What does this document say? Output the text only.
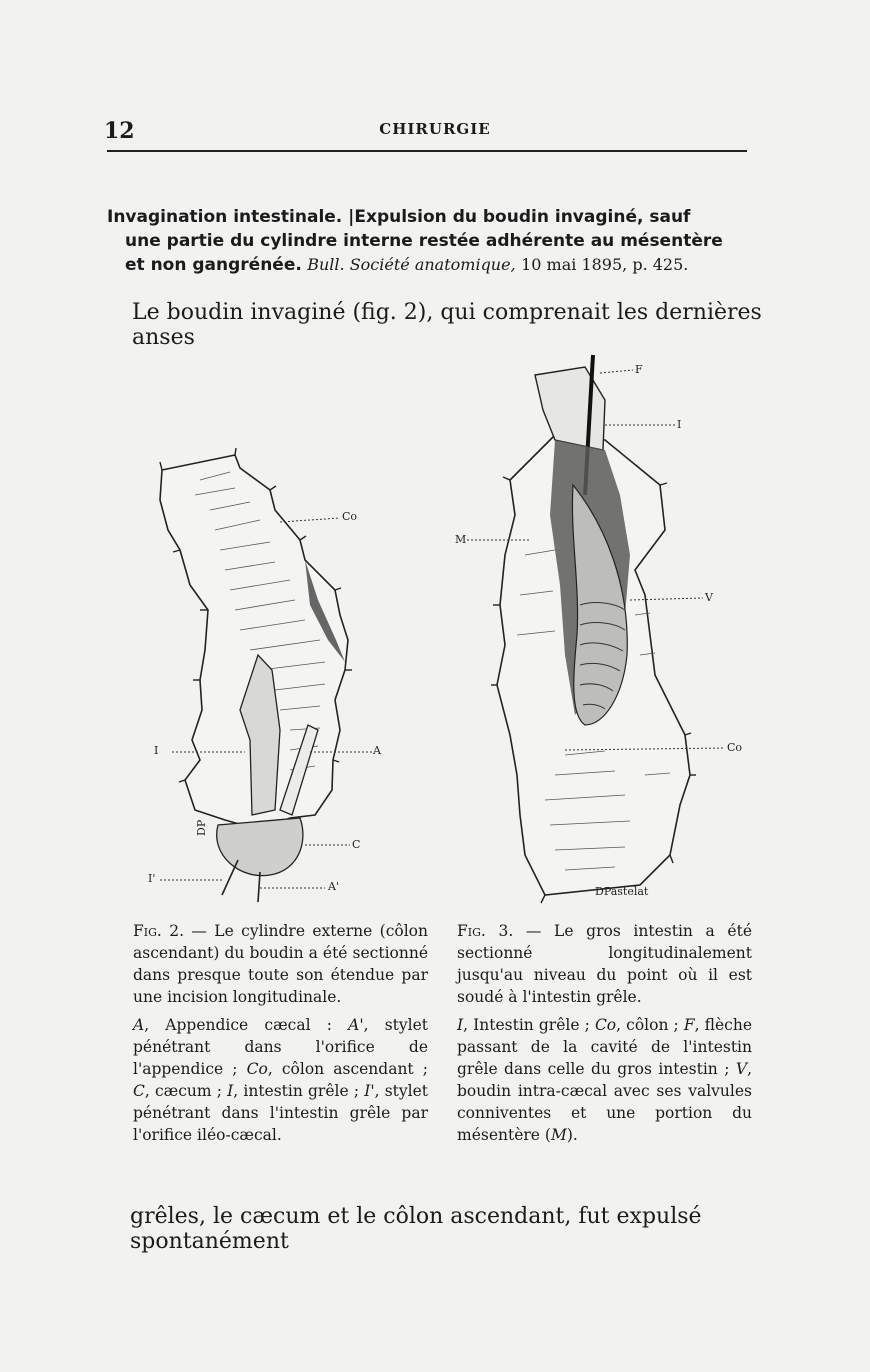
12	CHIRURGIE
Invagination intestinale. |Expulsion du boudin invaginé, sauf
une partie du cylindre interne restée adhérente au mésentère
et non gangrénée. Bull. Société anatomique, 10 mai 1895, p. 425.
Le boudin invaginé (fig. 2), qui comprenait les dernières anses
Co
I	A
C
I'
A'
DP
F
I
M
V
Co
DPastelat

Fig. 2. — Le cylindre externe (côlon ascendant) du boudin a été sectionné dans presque toute son étendue par une incision longitudinale.

A, Appendice cæcal : A', stylet pénétrant dans l'orifice de l'appendice ; Co, côlon ascendant ; C, cæcum ; I, intestin grêle ; I', stylet pénétrant dans l'intestin grêle par l'orifice iléo-cæcal.

Fig. 3. — Le gros intestin a été sectionné longitudinalement jusqu'au niveau du point où il est soudé à l'intestin grêle.

I, Intestin grêle ; Co, côlon ; F, flèche passant de la cavité de l'intestin grêle dans celle du gros intestin ; V, boudin intra-cæcal avec ses valvules conniventes et une portion du mésentère (M).

grêles, le cæcum et le côlon ascendant, fut expulsé spontanément
